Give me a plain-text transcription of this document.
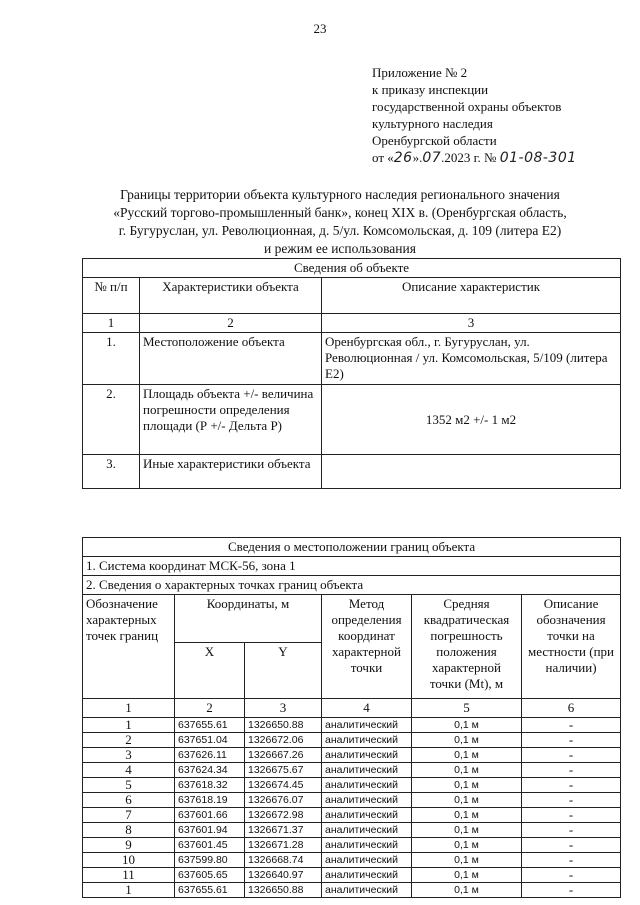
23
Приложение № 2
к приказу инспекции
государственной охраны объектов
культурного наследия
Оренбургской области
от «26».07.2023 г. № 01-08-301
Границы территории объекта культурного наследия регионального значения
«Русский торгово-промышленный банк», конец XIX в. (Оренбургская область,
г. Бугуруслан, ул. Революционная, д. 5/ул. Комсомольская, д. 109 (литера Е2)
и режим ее использования
Сведения об объекте		
№ п/п	Характеристики объекта	Описание характеристик
1	2	3
1.	Местоположение объекта	Оренбургская обл., г. Бугуруслан, ул. Революционная / ул. Комсомольская, 5/109 (литера Е2)
2.	Площадь объекта +/- величина погрешности определения площади (Р +/- Дельта Р)	1352 м2 +/- 1 м2
3.	Иные характеристики объекта	
Сведения о местоположении границ объекта					
1. Система координат МСК-56, зона 1					
2. Сведения о характерных точках границ объекта					
Обозначение характерных точек границ	Координаты, м		Метод определения координат характерной точки	Средняя квадратическая погрешность положения характерной точки (Mt), м	Описание обозначения точки на местности (при наличии)
	X	Y			
1	2	3	4	5	6
1	637655.61	1326650.88	аналитический	0,1 м	-
2	637651.04	1326672.06	аналитический	0,1 м	-
3	637626.11	1326667.26	аналитический	0,1 м	-
4	637624.34	1326675.67	аналитический	0,1 м	-
5	637618.32	1326674.45	аналитический	0,1 м	-
6	637618.19	1326676.07	аналитический	0,1 м	-
7	637601.66	1326672.98	аналитический	0,1 м	-
8	637601.94	1326671.37	аналитический	0,1 м	-
9	637601.45	1326671.28	аналитический	0,1 м	-
10	637599.80	1326668.74	аналитический	0,1 м	-
11	637605.65	1326640.97	аналитический	0,1 м	-
1	637655.61	1326650.88	аналитический	0,1 м	-
